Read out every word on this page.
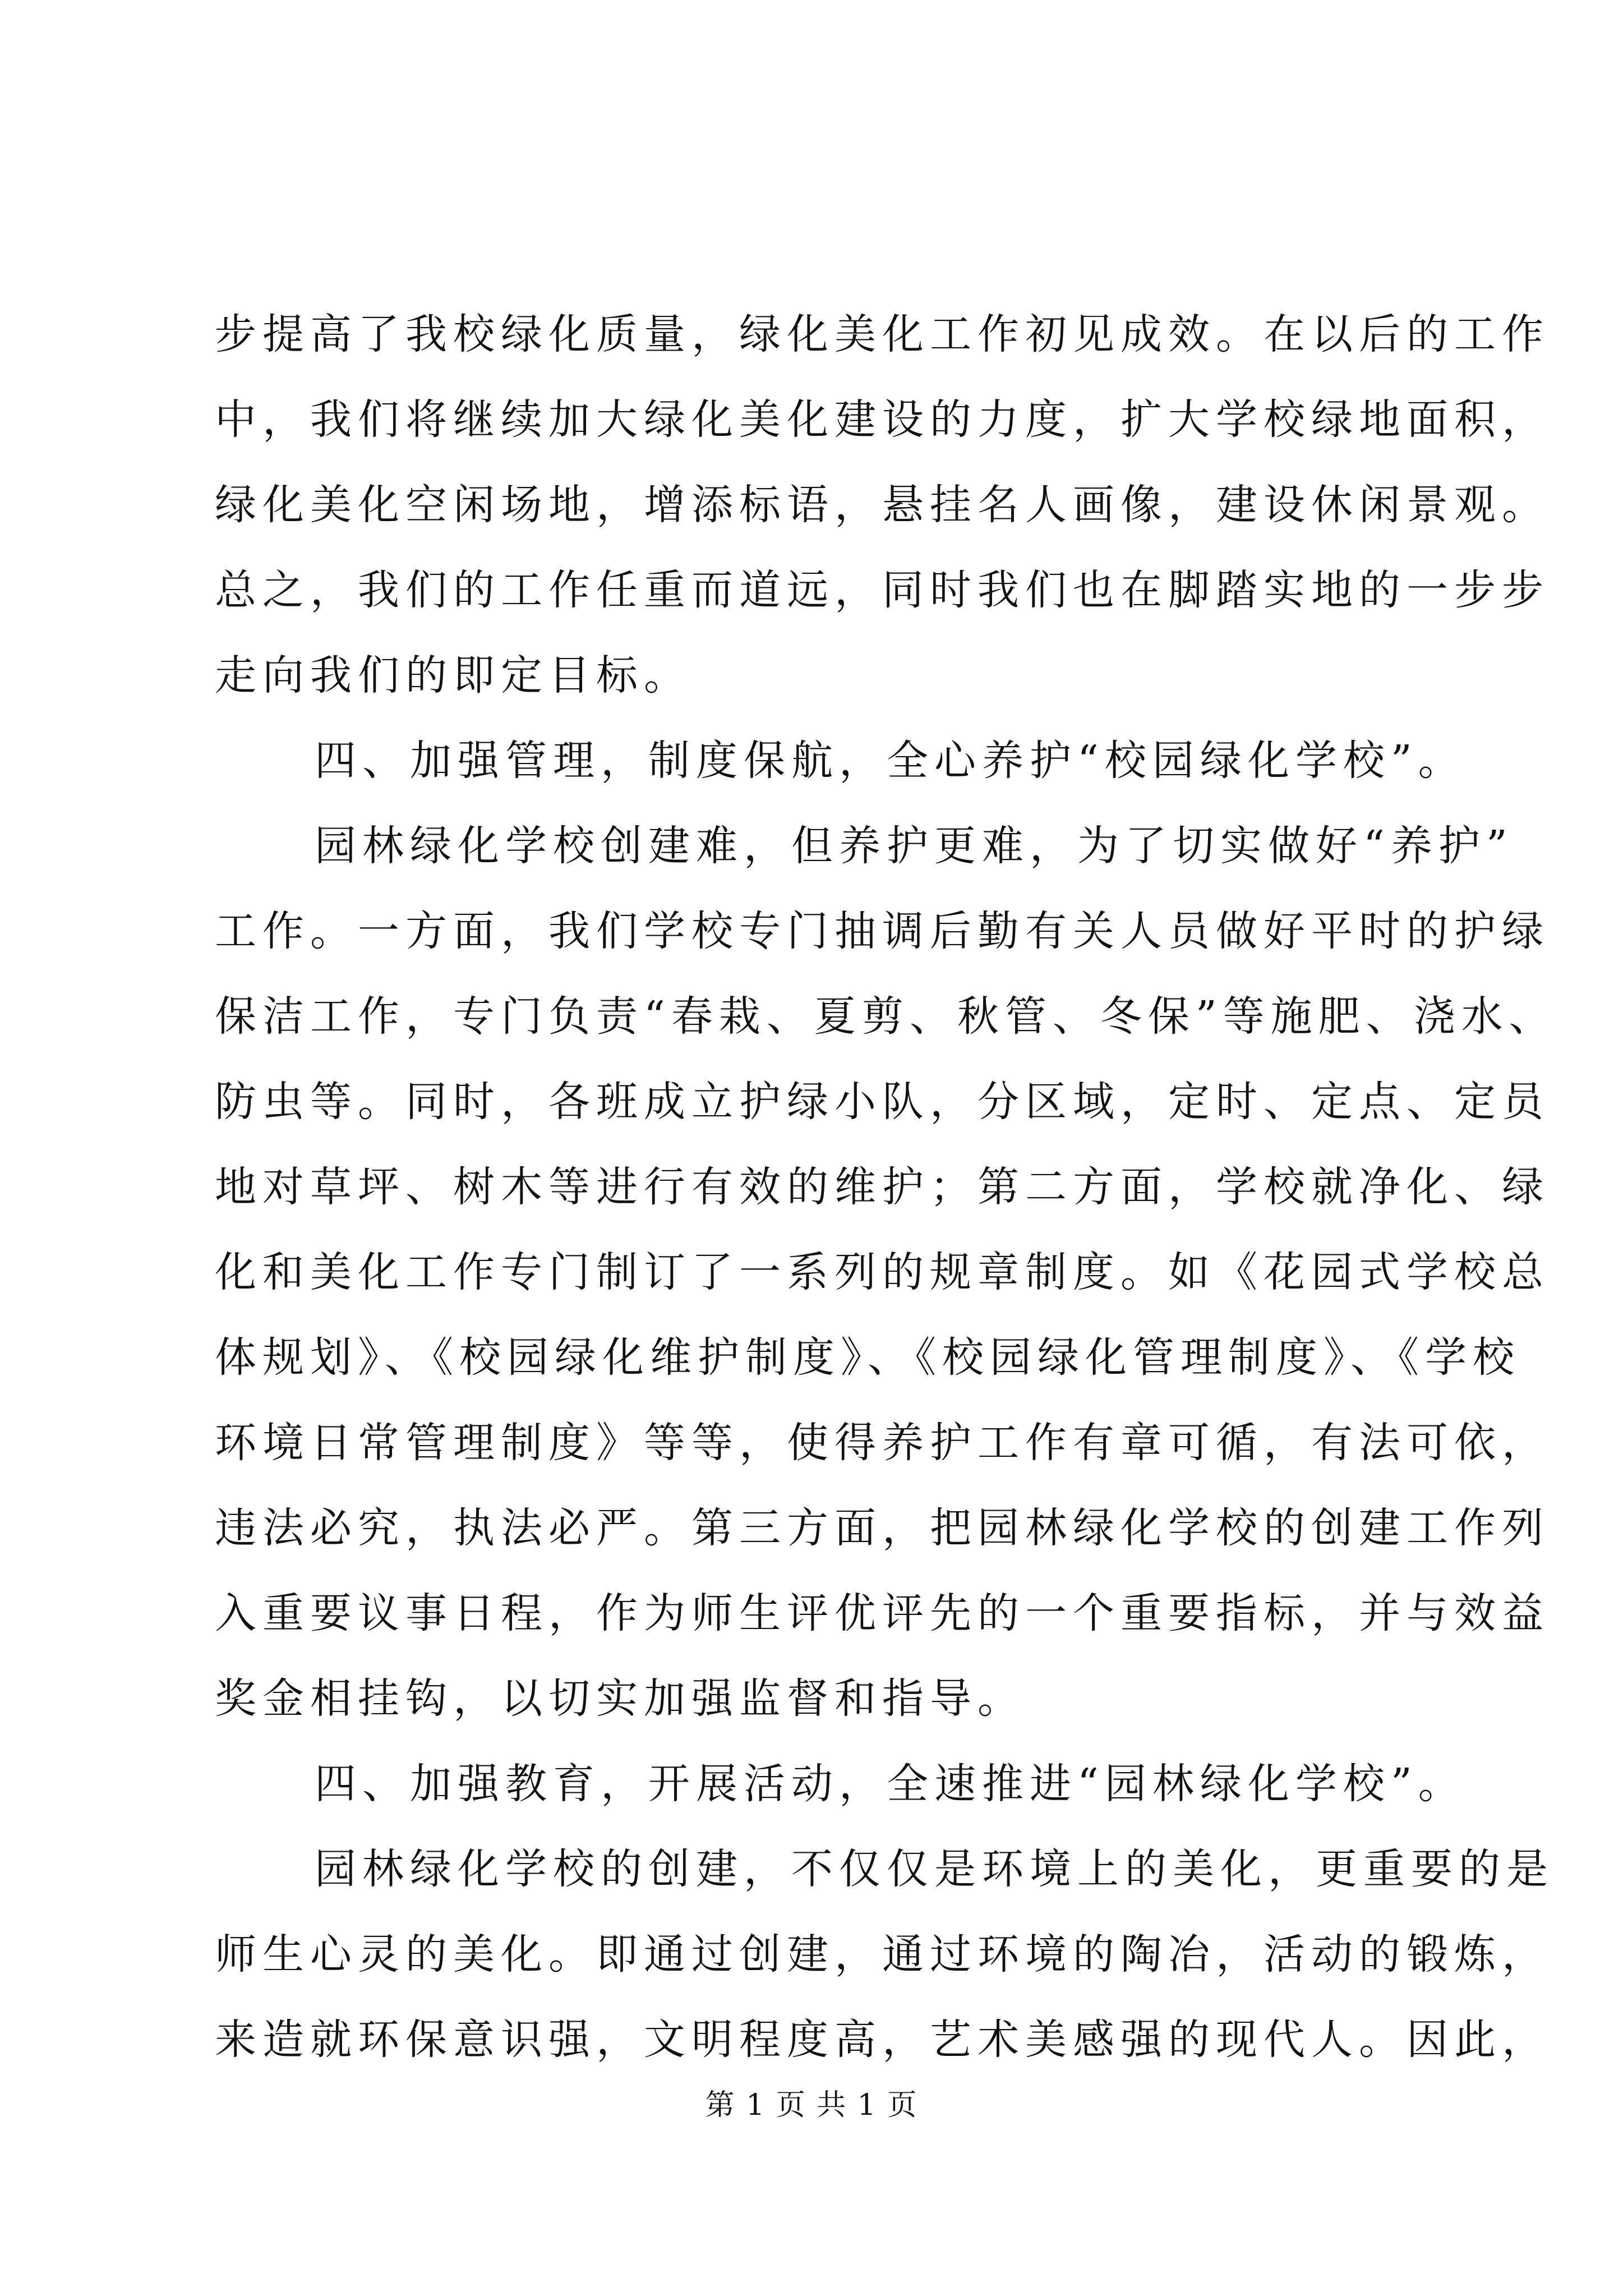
步提高了我校绿化质量，绿化美化工作初见成效。在以后的工作
中，我们将继续加大绿化美化建设的力度，扩大学校绿地面积，
绿化美化空闲场地，增添标语，悬挂名人画像，建设休闲景观。
总之，我们的工作任重而道远，同时我们也在脚踏实地的一步步
走向我们的即定目标。
四、加强管理，制度保航，全心养护“校园绿化学校”。
园林绿化学校创建难，但养护更难，为了切实做好“养护”
工作。一方面，我们学校专门抽调后勤有关人员做好平时的护绿
保洁工作，专门负责“春栽、夏剪、秋管、冬保”等施肥、浇水、
防虫等。同时，各班成立护绿小队，分区域，定时、定点、定员
地对草坪、树木等进行有效的维护；第二方面，学校就净化、绿
化和美化工作专门制订了一系列的规章制度。如《花园式学校总
体规划》、《校园绿化维护制度》、《校园绿化管理制度》、《学校
环境日常管理制度》等等，使得养护工作有章可循，有法可依，
违法必究，执法必严。第三方面，把园林绿化学校的创建工作列
入重要议事日程，作为师生评优评先的一个重要指标，并与效益
奖金相挂钩，以切实加强监督和指导。
四、加强教育，开展活动，全速推进“园林绿化学校”。
园林绿化学校的创建，不仅仅是环境上的美化，更重要的是
师生心灵的美化。即通过创建，通过环境的陶冶，活动的锻炼，
来造就环保意识强，文明程度高，艺术美感强的现代人。因此，
第 1 页 共 1 页
